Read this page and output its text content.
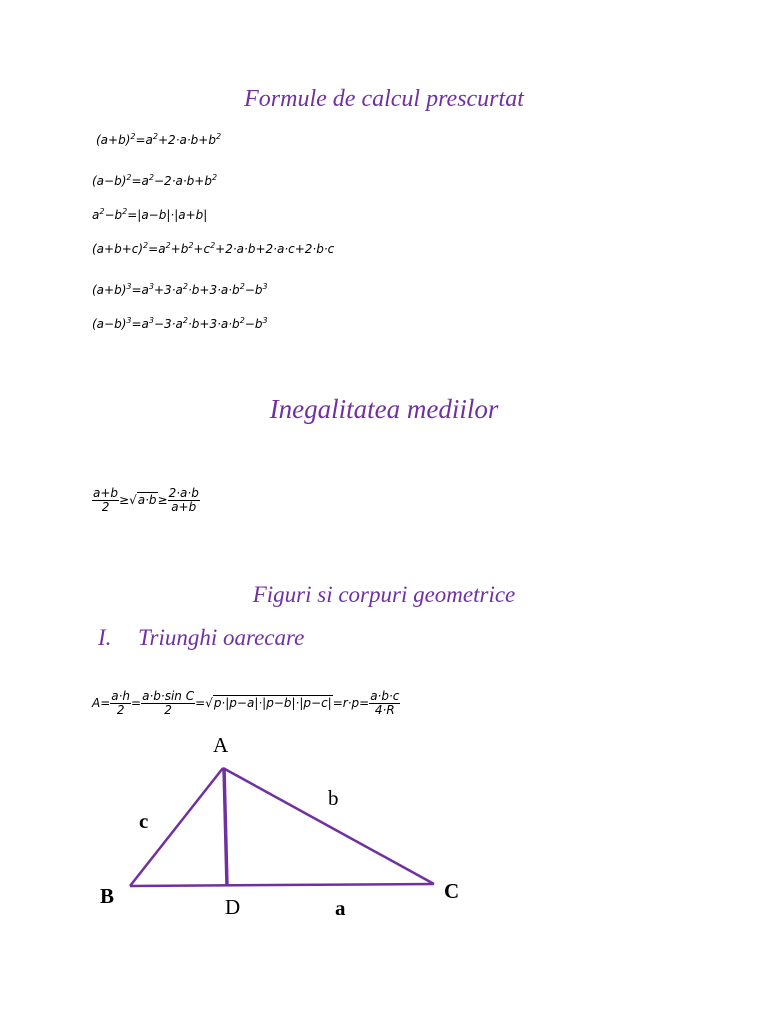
Formule de calcul prescurtat
$(a+b)^2=a^2+2\cdot a\cdot b+b^2$
$(a-b)^2=a^2-2\cdot a\cdot b+b^2$
$a^2-b^2=|a-b|\cdot|a+b|$
$(a+b+c)^2=a^2+b^2+c^2+2\cdot a\cdot b+2\cdot a\cdot c+2\cdot b\cdot c$
$(a+b)^3=a^3+3\cdot a^2\cdot b+3\cdot a\cdot b^2-b^3$
$(a-b)^3=a^3-3\cdot a^2\cdot b+3\cdot a\cdot b^2-b^3$
Inegalitatea mediilor
$\frac{a+b}{2} \ge√a\cdot b\ge \frac{2\cdot a\cdot b}{a+b}$
Figuri si corpuri geometrice
I. Triunghi oarecare
$A= \frac{a\cdot h}{2} = \frac{\text{a·b·sin C}}{2} =√p\cdot|p-a|\cdot|p-b|\cdot|p-c|=r\cdot p= \frac{a\cdot b\cdot c}{4\cdot R}$
A
b
c
B	C
D	a
